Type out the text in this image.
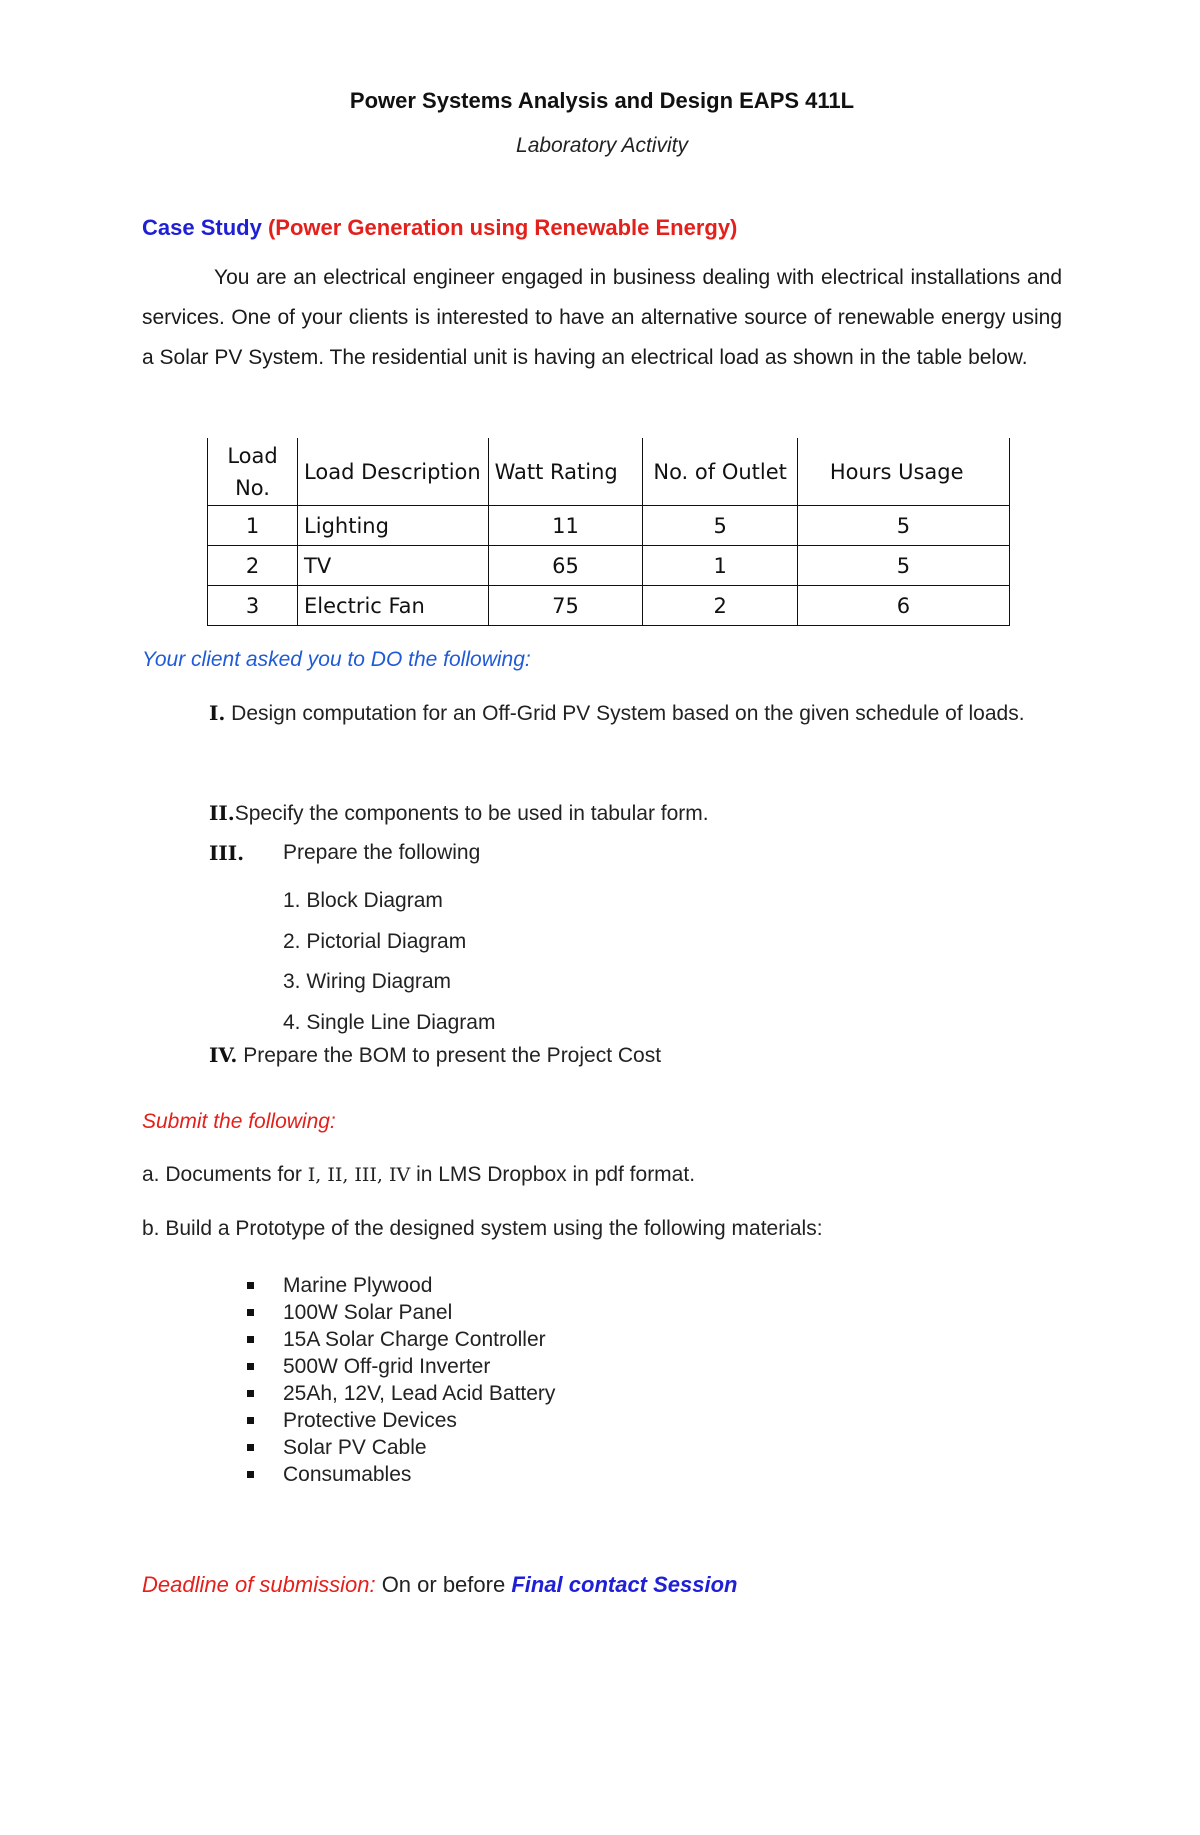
Power Systems Analysis and Design EAPS 411L
Laboratory Activity
Case Study (Power Generation using Renewable Energy)
You are an electrical engineer engaged in business dealing with electrical installations and services. One of your clients is interested to have an alternative source of renewable energy using a Solar PV System. The residential unit is having an electrical load as shown in the table below.
Load No.	Load Description	Watt Rating	No. of Outlet	Hours Usage
1	Lighting	11	5	5
2	TV	65	1	5
3	Electric Fan	75	2	6
Your client asked you to DO the following:
I. Design computation for an Off-Grid PV System based on the given schedule of loads.
II.Specify the components to be used in tabular form.
III. Prepare the following
1. Block Diagram
2. Pictorial Diagram
3. Wiring Diagram
4. Single Line Diagram
IV. Prepare the BOM to present the Project Cost
Submit the following:
a. Documents for I, II, III, IV in LMS Dropbox in pdf format.
b. Build a Prototype of the designed system using the following materials:
Marine Plywood
100W Solar Panel
15A Solar Charge Controller
500W Off-grid Inverter
25Ah, 12V, Lead Acid Battery
Protective Devices
Solar PV Cable
Consumables
Deadline of submission: On or before Final contact Session
